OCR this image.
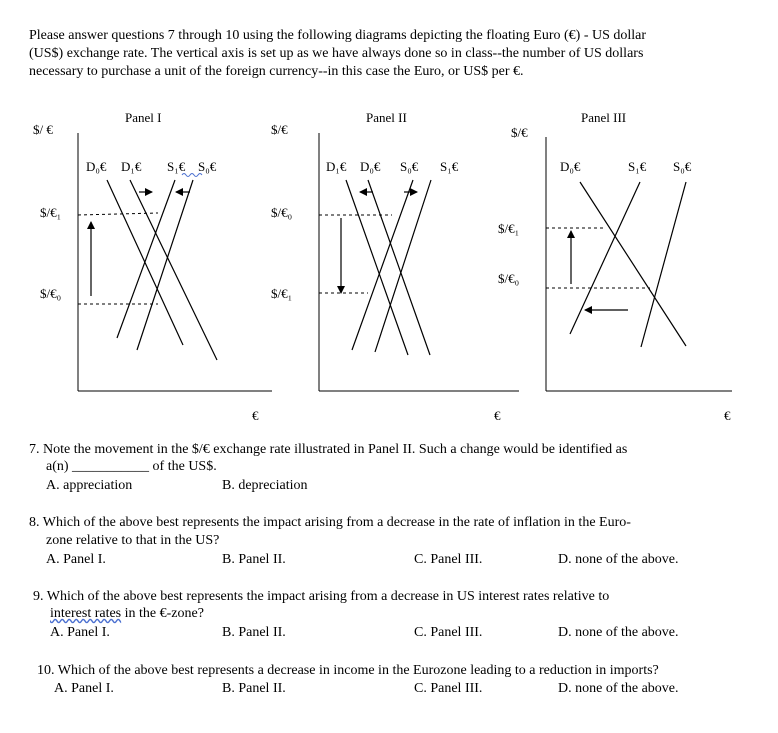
Please answer questions 7 through 10 using the following diagrams depicting the floating Euro (€) - US dollar
(US$) exchange rate. The vertical axis is set up as we have always done so in class--the number of US dollars
necessary to purchase a unit of the foreign currency--in this case the Euro, or US$ per €.
Panel I
$/ €
€
D₀€ D₁€ S₁€ S₀€
$/€₁
$/€₀
Panel II
$/€
€
D₁€ D₀€ S₀€ S₁€
$/€₀
$/€₁
Panel III
$/€
€
D₀€	S₁€ S₀€
$/€₁
$/€₀
7. Note the movement in the $/€ exchange rate illustrated in Panel II. Such a change would be identified as
a(n) ___________ of the US$.
A. appreciation	B. depreciation
8. Which of the above best represents the impact arising from a decrease in the rate of inflation in the Euro-
zone relative to that in the US?
A. Panel I.	B. Panel II.	C. Panel III.	D. none of the above.
9. Which of the above best represents the impact arising from a decrease in US interest rates relative to
interest rates in the €-zone?
A. Panel I.	B. Panel II.	C. Panel III.	D. none of the above.
10. Which of the above best represents a decrease in income in the Eurozone leading to a reduction in imports?
A. Panel I.	B. Panel II.	C. Panel III.	D. none of the above.
